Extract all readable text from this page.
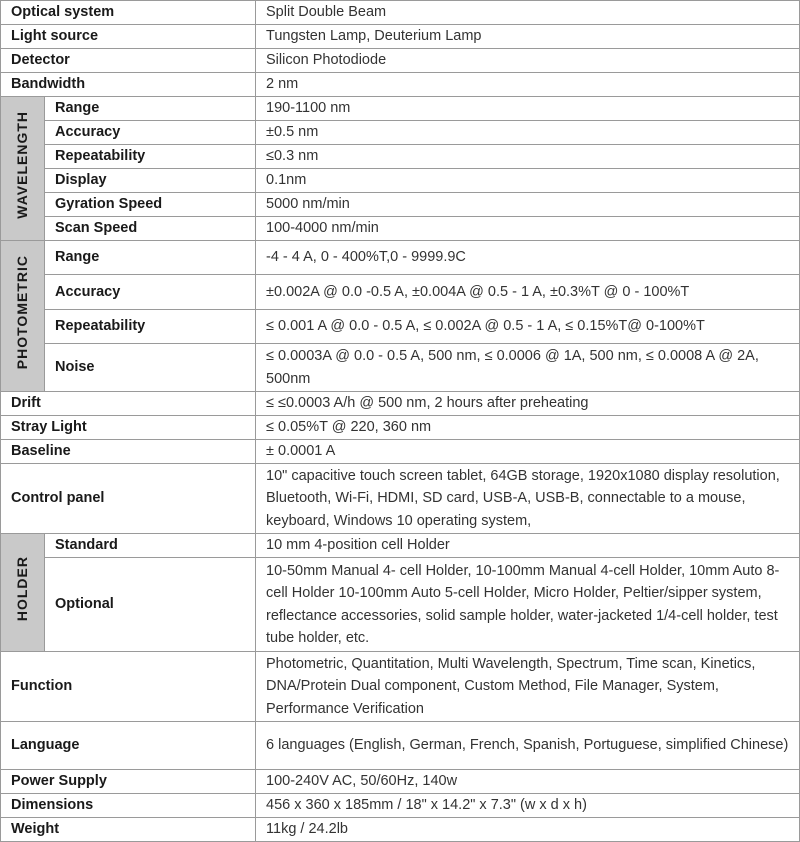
Optical system		Split Double Beam
Light source		Tungsten Lamp, Deuterium Lamp
Detector		Silicon Photodiode
Bandwidth		2 nm
WAVELENGTH	Range	190-1100 nm
	Accuracy	±0.5 nm
	Repeatability	≤0.3 nm
	Display	0.1nm
	Gyration Speed	5000 nm/min
	Scan Speed	100-4000 nm/min
PHOTOMETRIC	Range	-4 - 4 A, 0 - 400%T,0 - 9999.9C
	Accuracy	±0.002A @ 0.0 -0.5 A, ±0.004A @ 0.5 - 1 A, ±0.3%T @ 0 - 100%T
	Repeatability	≤ 0.001 A @ 0.0 - 0.5 A, ≤ 0.002A @ 0.5 - 1 A, ≤ 0.15%T@ 0-100%T
	Noise	≤ 0.0003A @ 0.0 - 0.5 A, 500 nm, ≤ 0.0006 @ 1A, 500 nm, ≤ 0.0008 A @ 2A, 500nm
Drift		≤ ≤0.0003 A/h @ 500 nm, 2 hours after preheating
Stray Light		≤ 0.05%T @ 220, 360 nm
Baseline		± 0.0001 A
Control panel		10" capacitive touch screen tablet, 64GB storage, 1920x1080 display resolution, Bluetooth, Wi-Fi, HDMI, SD card, USB-A, USB-B, connectable to a mouse, keyboard, Windows 10 operating system,
HOLDER	Standard	10 mm 4-position cell Holder
	Optional	10-50mm Manual 4- cell Holder, 10-100mm Manual 4-cell Holder, 10mm Auto 8-cell Holder 10-100mm Auto 5-cell Holder, Micro Holder, Peltier/sipper system, reflectance accessories, solid sample holder, water-jacketed 1/4-cell holder, test tube holder, etc.
Function		Photometric, Quantitation, Multi Wavelength, Spectrum, Time scan, Kinetics, DNA/Protein Dual component, Custom Method, File Manager, System, Performance Verification
Language		6 languages (English, German, French, Spanish, Portuguese, simplified Chinese)
Power Supply		100-240V AC, 50/60Hz, 140w
Dimensions		456 x 360 x 185mm / 18" x 14.2" x 7.3" (w x d x h)
Weight		11kg / 24.2lb
